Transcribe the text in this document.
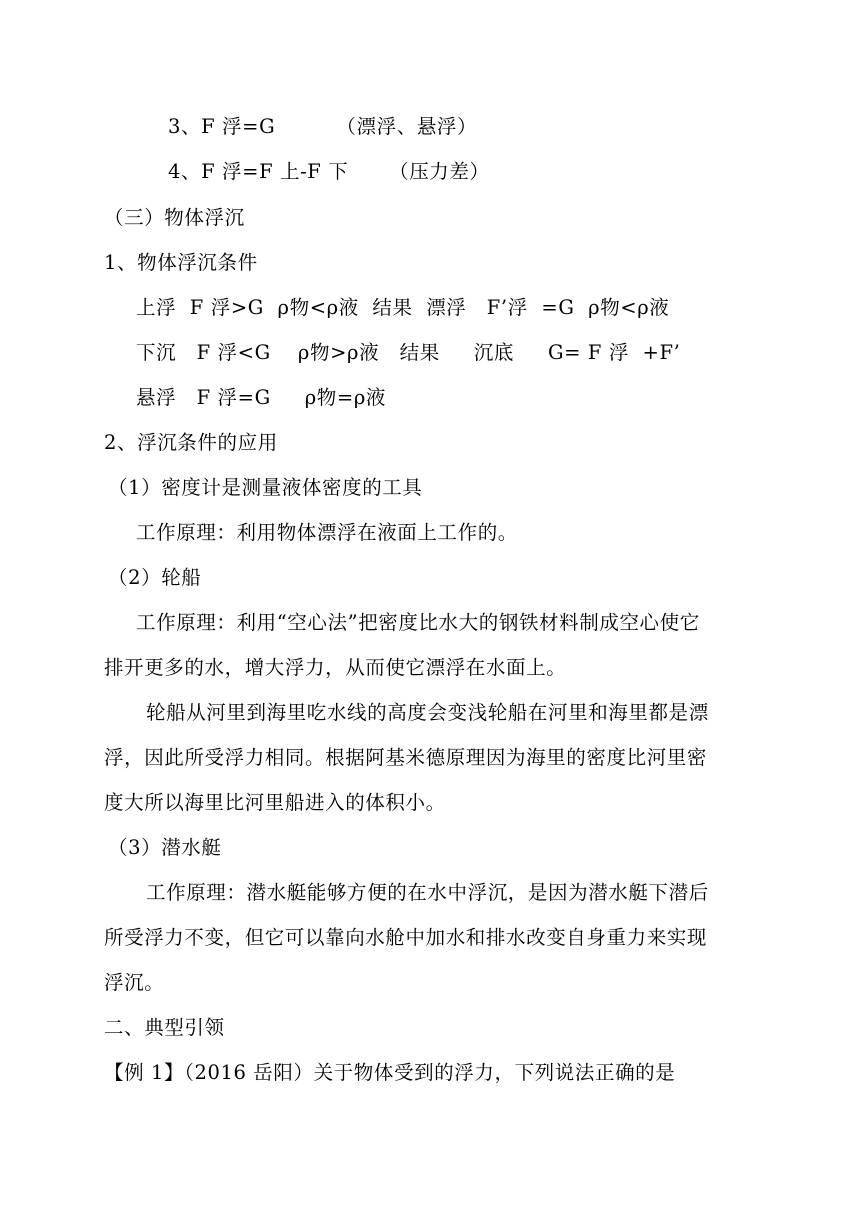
3、F 浮=G         （漂浮、悬浮）
4、F 浮=F 上-F 下      （压力差）
（三）物体浮沉
1、物体浮沉条件
上浮  F 浮>G  ρ物<ρ液  结果  漂浮   F’浮  =G  ρ物<ρ液
下沉   F 浮<G    ρ物>ρ液   结果     沉底     G= F 浮  +F’
悬浮   F 浮=G     ρ物=ρ液
2、浮沉条件的应用
（1）密度计是测量液体密度的工具
工作原理：利用物体漂浮在液面上工作的。
（2）轮船
工作原理：利用“空心法”把密度比水大的钢铁材料制成空心使它
排开更多的水，增大浮力，从而使它漂浮在水面上。
轮船从河里到海里吃水线的高度会变浅轮船在河里和海里都是漂
浮，因此所受浮力相同。根据阿基米德原理因为海里的密度比河里密
度大所以海里比河里船进入的体积小。
（3）潜水艇
工作原理：潜水艇能够方便的在水中浮沉，是因为潜水艇下潜后
所受浮力不变，但它可以靠向水舱中加水和排水改变自身重力来实现
浮沉。
二、典型引领
【例 1】（2016 岳阳）关于物体受到的浮力，下列说法正确的是
